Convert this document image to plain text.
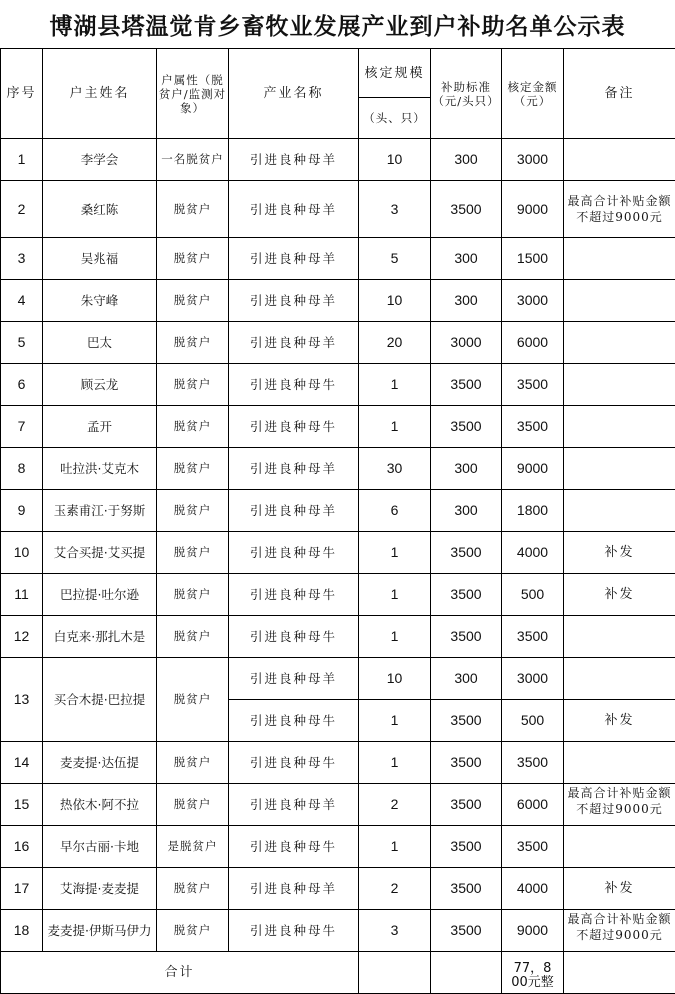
博湖县塔温觉肯乡畜牧业发展产业到户补助名单公示表
序号	户主姓名	户属性（脱贫户/监测对象）	产业名称	核定规模	补助标准（元/头只）	核定金额（元）	备注
				（头、只）			
1	李学会	一名脱贫户	引进良种母羊	10	300	3000	
2	桑红陈	脱贫户	引进良种母羊	3	3500	9000	最高合计补贴金额不超过9000元
3	吴兆福	脱贫户	引进良种母羊	5	300	1500	
4	朱守峰	脱贫户	引进良种母羊	10	300	3000	
5	巴太	脱贫户	引进良种母羊	20	3000	6000	
6	顾云龙	脱贫户	引进良种母牛	1	3500	3500	
7	孟开	脱贫户	引进良种母牛	1	3500	3500	
8	吐拉洪·艾克木	脱贫户	引进良种母羊	30	300	9000	
9	玉素甫江·于努斯	脱贫户	引进良种母羊	6	300	1800	
10	艾合买提·艾买提	脱贫户	引进良种母牛	1	3500	4000	补发
11	巴拉提·吐尔逊	脱贫户	引进良种母牛	1	3500	500	补发
12	白克来·那扎木是	脱贫户	引进良种母牛	1	3500	3500	
13	买合木提·巴拉提	脱贫户	引进良种母羊	10	300	3000	
			引进良种母牛	1	3500	500	补发
14	麦麦提·达伍提	脱贫户	引进良种母牛	1	3500	3500	
15	热依木·阿不拉	脱贫户	引进良种母羊	2	3500	6000	最高合计补贴金额不超过9000元

16	早尔古丽·卡地	是脱贫户	引进良种母牛	1	3500	3500	
17	艾海提·麦麦提	脱贫户	引进良种母羊	2	3500	4000	补发
18	麦麦提·伊斯马伊力	脱贫户	引进良种母牛	3	3500	9000	最高合计补贴金额不超过9000元

合计						77，800元整	
